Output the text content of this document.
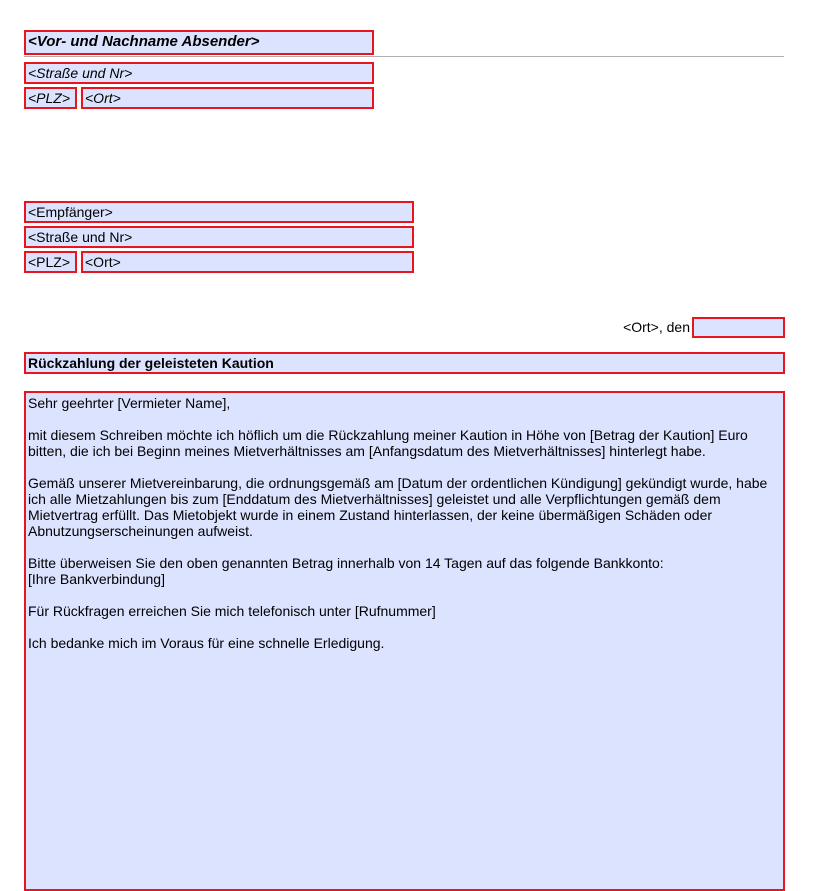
<Vor- und Nachname Absender>
<Straße und Nr>
<PLZ>	<Ort>
<Empfänger>
<Straße und Nr>
<PLZ>	<Ort>
<Ort>, den
Rückzahlung der geleisteten Kaution

Sehr geehrter [Vermieter Name],

mit diesem Schreiben möchte ich höflich um die Rückzahlung meiner Kaution in Höhe von [Betrag der Kaution] Euro bitten, die ich bei Beginn meines Mietverhältnisses am [Anfangsdatum des Mietverhältnisses] hinterlegt habe.

Gemäß unserer Mietvereinbarung, die ordnungsgemäß am [Datum der ordentlichen Kündigung] gekündigt wurde, habe ich alle Mietzahlungen bis zum [Enddatum des Mietverhältnisses] geleistet und alle Verpflichtungen gemäß dem Mietvertrag erfüllt. Das Mietobjekt wurde in einem Zustand hinterlassen, der keine übermäßigen Schäden oder Abnutzungserscheinungen aufweist.

Bitte überweisen Sie den oben genannten Betrag innerhalb von 14 Tagen auf das folgende Bankkonto:
[Ihre Bankverbindung]

Für Rückfragen erreichen Sie mich telefonisch unter [Rufnummer]

Ich bedanke mich im Voraus für eine schnelle Erledigung.
